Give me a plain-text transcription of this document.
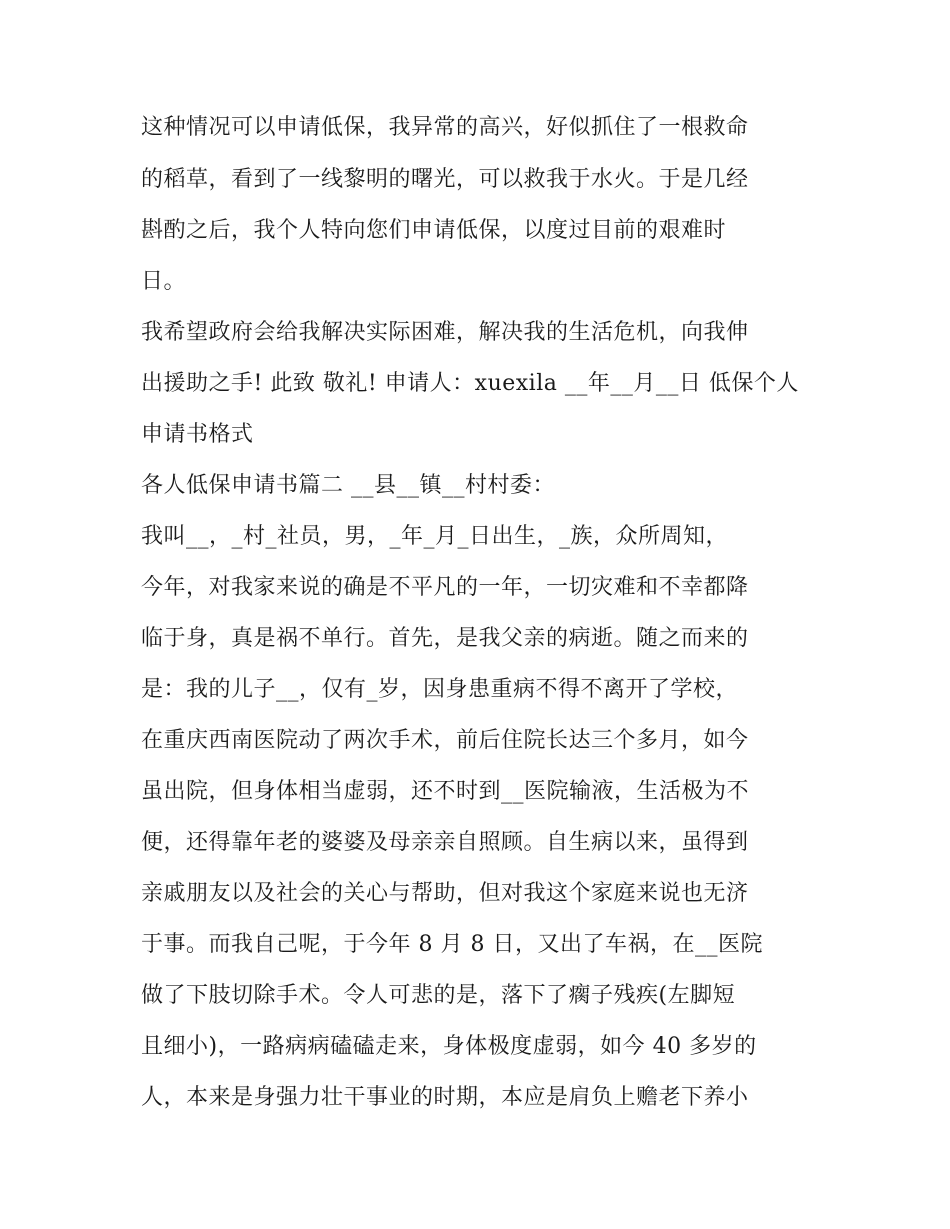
这种情况可以申请低保，我异常的高兴，好似抓住了一根救命
的稻草，看到了一线黎明的曙光，可以救我于水火。于是几经
斟酌之后，我个人特向您们申请低保，以度过目前的艰难时
日。
我希望政府会给我解决实际困难，解决我的生活危机，向我伸
出援助之手! 此致 敬礼! 申请人：xuexila __年__月__日 低保个人
申请书格式
各人低保申请书篇二 __县__镇__村村委：
我叫__，_村_社员，男，_年_月_日出生，_族，众所周知，
今年，对我家来说的确是不平凡的一年，一切灾难和不幸都降
临于身，真是祸不单行。首先，是我父亲的病逝。随之而来的
是：我的儿子__，仅有_岁，因身患重病不得不离开了学校，
在重庆西南医院动了两次手术，前后住院长达三个多月，如今
虽出院，但身体相当虚弱，还不时到__医院输液，生活极为不
便，还得靠年老的婆婆及母亲亲自照顾。自生病以来，虽得到
亲戚朋友以及社会的关心与帮助，但对我这个家庭来说也无济
于事。而我自己呢，于今年 8 月 8 日，又出了车祸，在__医院
做了下肢切除手术。令人可悲的是，落下了瘸子残疾(左脚短
且细小)，一路病病磕磕走来，身体极度虚弱，如今 40 多岁的
人，本来是身强力壮干事业的时期，本应是肩负上赡老下养小
